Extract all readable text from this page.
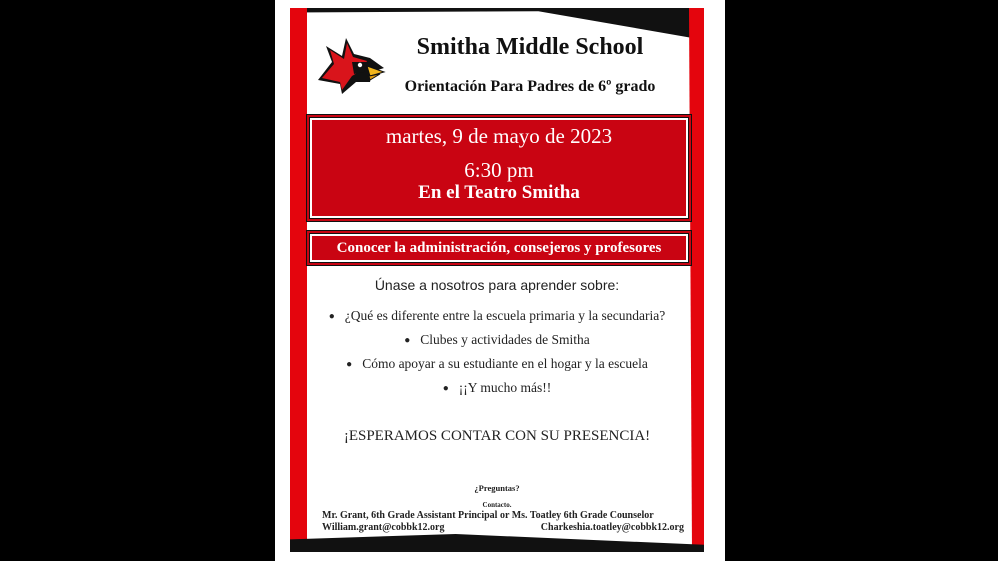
Smitha Middle School
Orientación Para Padres de 6º grado
martes, 9 de mayo de 2023
6:30 pm
En el Teatro Smitha
Conocer la administración, consejeros y profesores
Únase a nosotros para aprender sobre:
● ¿Qué es diferente entre la escuela primaria y la secundaria?
● Clubes y actividades de Smitha
● Cómo apoyar a su estudiante en el hogar y la escuela
● ¡¡Y mucho más!!
¡ESPERAMOS CONTAR CON SU PRESENCIA!
¿Preguntas?
Contacto.
Mr. Grant, 6th Grade Assistant Principal or Ms. Toatley 6th Grade Counselor
William.grant@cobbk12.org	Charkeshia.toatley@cobbk12.org
